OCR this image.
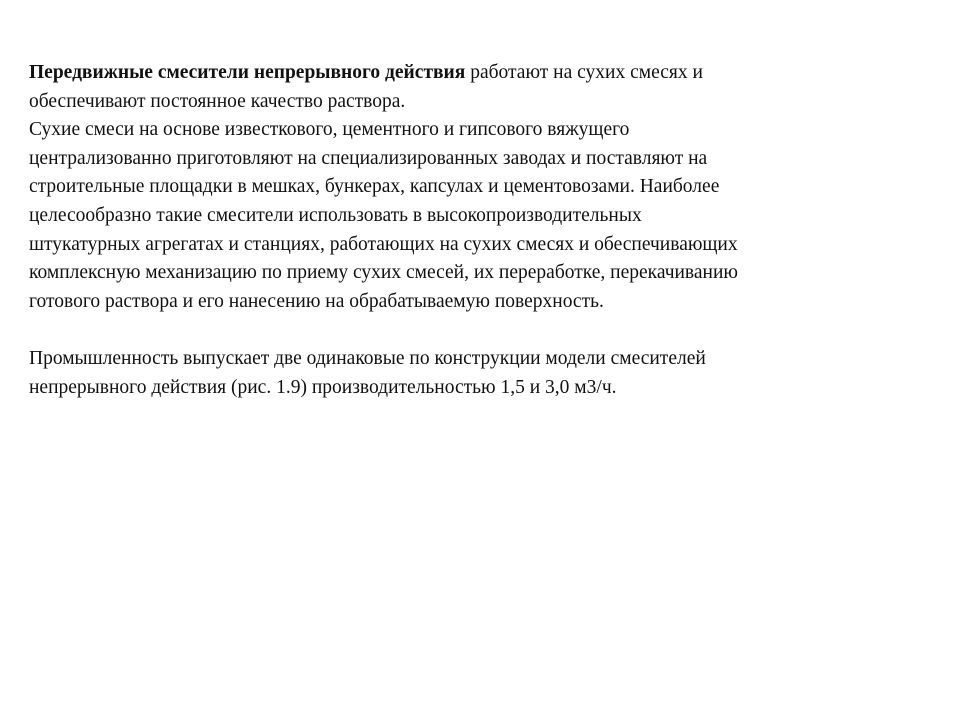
Передвижные смесители непрерывного действия работают на сухих смесях и
обеспечивают постоянное качество раствора.

Сухие смеси на основе известкового, цементного и гипсового вяжущего
централизованно приготовляют на специализированных заводах и поставляют на
строительные площадки в мешках, бункерах, капсулах и цементовозами. Наиболее
целесообразно такие смесители использовать в высокопроизводительных
штукатурных агрегатах и станциях, работающих на сухих смесях и обеспечивающих
комплексную механизацию по приему сухих смесей, их переработке, перекачиванию
готового раствора и его нанесению на обрабатываемую поверхность.

Промышленность выпускает две одинаковые по конструкции модели смесителей
непрерывного действия (рис. 1.9) производительностью 1,5 и 3,0 м3/ч.
